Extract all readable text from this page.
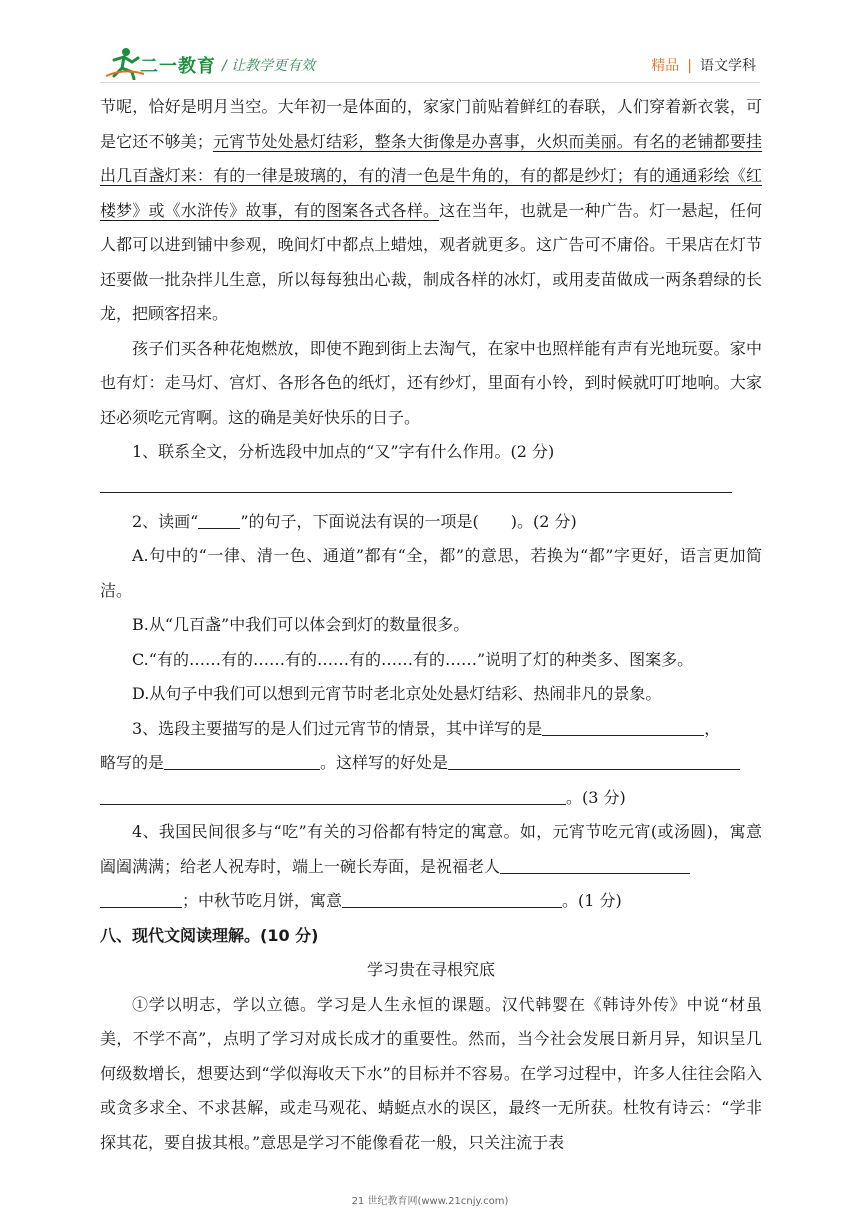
二一教育 / 让教学更有效	精品 | 语文学科

节呢，恰好是明月当空。大年初一是体面的，家家门前贴着鲜红的春联，人们穿着新衣裳，可是它还不够美；元宵节处处悬灯结彩，整条大街像是办喜事，火炽而美丽。有名的老铺都要挂出几百盏灯来：有的一律是玻璃的，有的清一色是牛角的，有的都是纱灯；有的通通彩绘《红楼梦》或《水浒传》故事，有的图案各式各样。这在当年，也就是一种广告。灯一悬起，任何人都可以进到铺中参观，晚间灯中都点上蜡烛，观者就更多。这广告可不庸俗。干果店在灯节还要做一批杂拌儿生意，所以每每独出心裁，制成各样的冰灯，或用麦苗做成一两条碧绿的长龙，把顾客招来。

孩子们买各种花炮燃放，即使不跑到街上去淘气，在家中也照样能有声有光地玩耍。家中也有灯：走马灯、宫灯、各形各色的纸灯，还有纱灯，里面有小铃，到时候就叮叮地响。大家还必须吃元宵啊。这的确是美好快乐的日子。

1、联系全文，分析选段中加点的“又”字有什么作用。(2 分)

2、读画“	”的句子，下面说法有误的一项是(　　)。(2 分)

A.句中的“一律、清一色、通道”都有“全，都”的意思，若换为“都”字更好，语言更加简洁。

B.从“几百盏”中我们可以体会到灯的数量很多。

C.“有的……有的……有的……有的……有的……”说明了灯的种类多、图案多。

D.从句子中我们可以想到元宵节时老北京处处悬灯结彩、热闹非凡的景象。

3、选段主要描写的是人们过元宵节的情景，其中详写的是	，

略写的是	。这样写的好处是

。(3 分)

4、我国民间很多与“吃”有关的习俗都有特定的寓意。如，元宵节吃元宵(或汤圆)，寓意阖阖满满；给老人祝寿时，端上一碗长寿面，是祝福老人

；中秋节吃月饼，寓意	。(1 分)

八、现代文阅读理解。(10 分)

学习贵在寻根究底

①学以明志，学以立德。学习是人生永恒的课题。汉代韩婴在《韩诗外传》中说“材虽美，不学不高”，点明了学习对成长成才的重要性。然而，当今社会发展日新月异，知识呈几何级数增长，想要达到“学似海收天下水”的目标并不容易。在学习过程中，许多人往往会陷入或贪多求全、不求甚解，或走马观花、蜻蜓点水的误区，最终一无所获。杜牧有诗云：“学非探其花，要自拔其根。”意思是学习不能像看花一般，只关注流于表

21 世纪教育网(www.21cnjy.com)
